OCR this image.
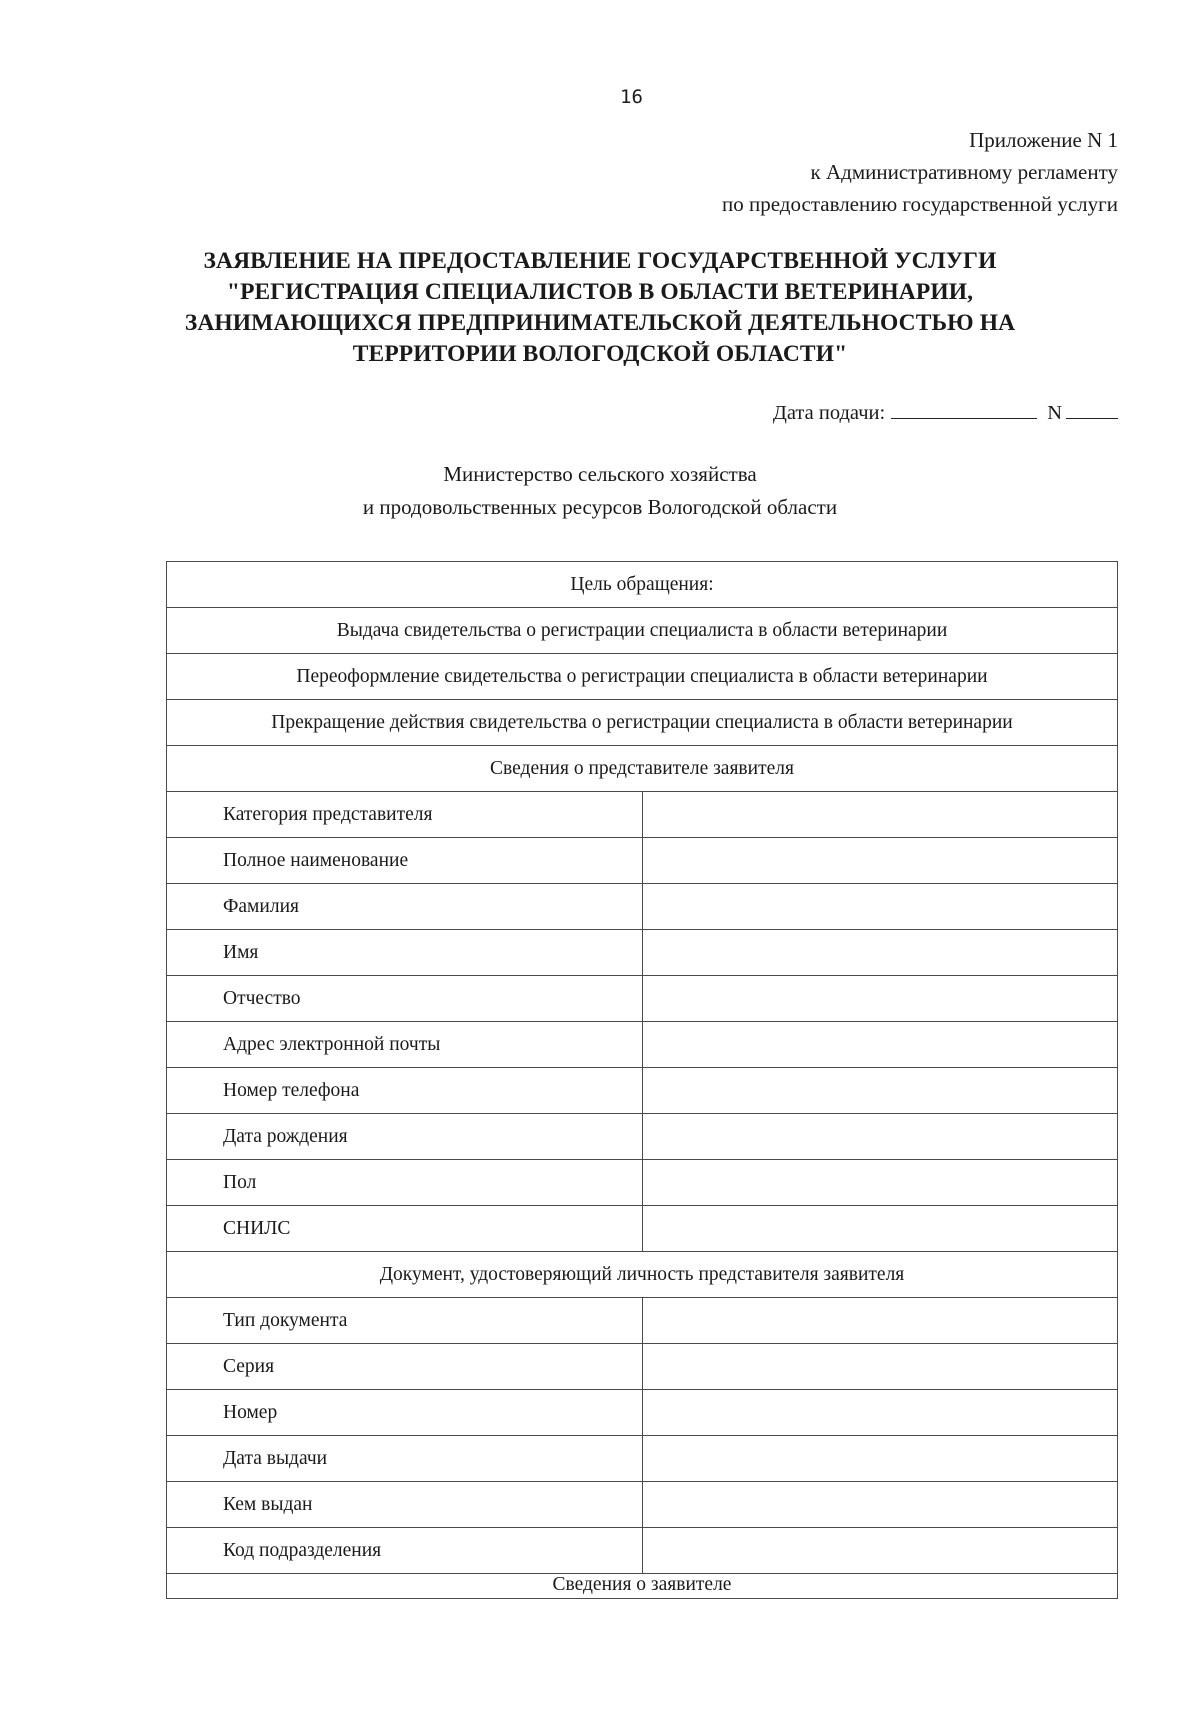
16
Приложение N 1
к Административному регламенту
по предоставлению государственной услуги
ЗАЯВЛЕНИЕ НА ПРЕДОСТАВЛЕНИЕ ГОСУДАРСТВЕННОЙ УСЛУГИ
"РЕГИСТРАЦИЯ СПЕЦИАЛИСТОВ В ОБЛАСТИ ВЕТЕРИНАРИИ,
ЗАНИМАЮЩИХСЯ ПРЕДПРИНИМАТЕЛЬСКОЙ ДЕЯТЕЛЬНОСТЬЮ НА
ТЕРРИТОРИИ ВОЛОГОДСКОЙ ОБЛАСТИ"
Дата подачи:	N
Министерство сельского хозяйства
и продовольственных ресурсов Вологодской области
Цель обращения:	
Выдача свидетельства о регистрации специалиста в области ветеринарии	
Переоформление свидетельства о регистрации специалиста в области ветеринарии	
Прекращение действия свидетельства о регистрации специалиста в области ветеринарии	
Сведения о представителе заявителя	
Категория представителя	
Полное наименование	
Фамилия	
Имя	
Отчество	
Адрес электронной почты	
Номер телефона	
Дата рождения	
Пол	
СНИЛС	
Документ, удостоверяющий личность представителя заявителя	
Тип документа	
Серия	
Номер	
Дата выдачи	
Кем выдан	
Код подразделения	
Сведения о заявителе	
